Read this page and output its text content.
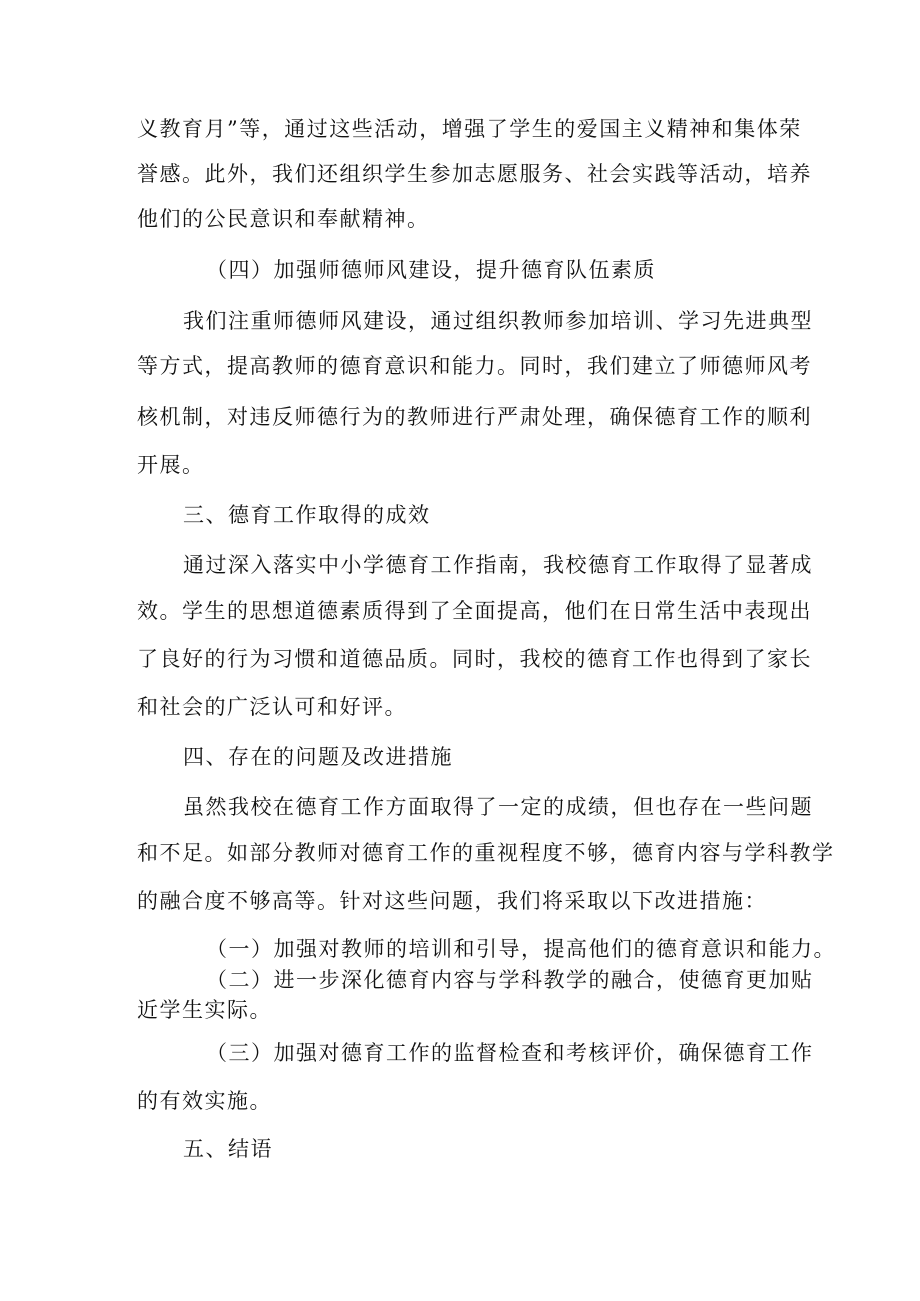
义教育月”等，通过这些活动，增强了学生的爱国主义精神和集体荣
誉感。此外，我们还组织学生参加志愿服务、社会实践等活动，培养
他们的公民意识和奉献精神。
（四）加强师德师风建设，提升德育队伍素质
我们注重师德师风建设，通过组织教师参加培训、学习先进典型
等方式，提高教师的德育意识和能力。同时，我们建立了师德师风考
核机制，对违反师德行为的教师进行严肃处理，确保德育工作的顺利
开展。
三、德育工作取得的成效
通过深入落实中小学德育工作指南，我校德育工作取得了显著成
效。学生的思想道德素质得到了全面提高，他们在日常生活中表现出
了良好的行为习惯和道德品质。同时，我校的德育工作也得到了家长
和社会的广泛认可和好评。
四、存在的问题及改进措施
虽然我校在德育工作方面取得了一定的成绩，但也存在一些问题
和不足。如部分教师对德育工作的重视程度不够，德育内容与学科教学
的融合度不够高等。针对这些问题，我们将采取以下改进措施：
（一）加强对教师的培训和引导，提高他们的德育意识和能力。
（二）进一步深化德育内容与学科教学的融合，使德育更加贴
近学生实际。
（三）加强对德育工作的监督检查和考核评价，确保德育工作
的有效实施。
五、结语
